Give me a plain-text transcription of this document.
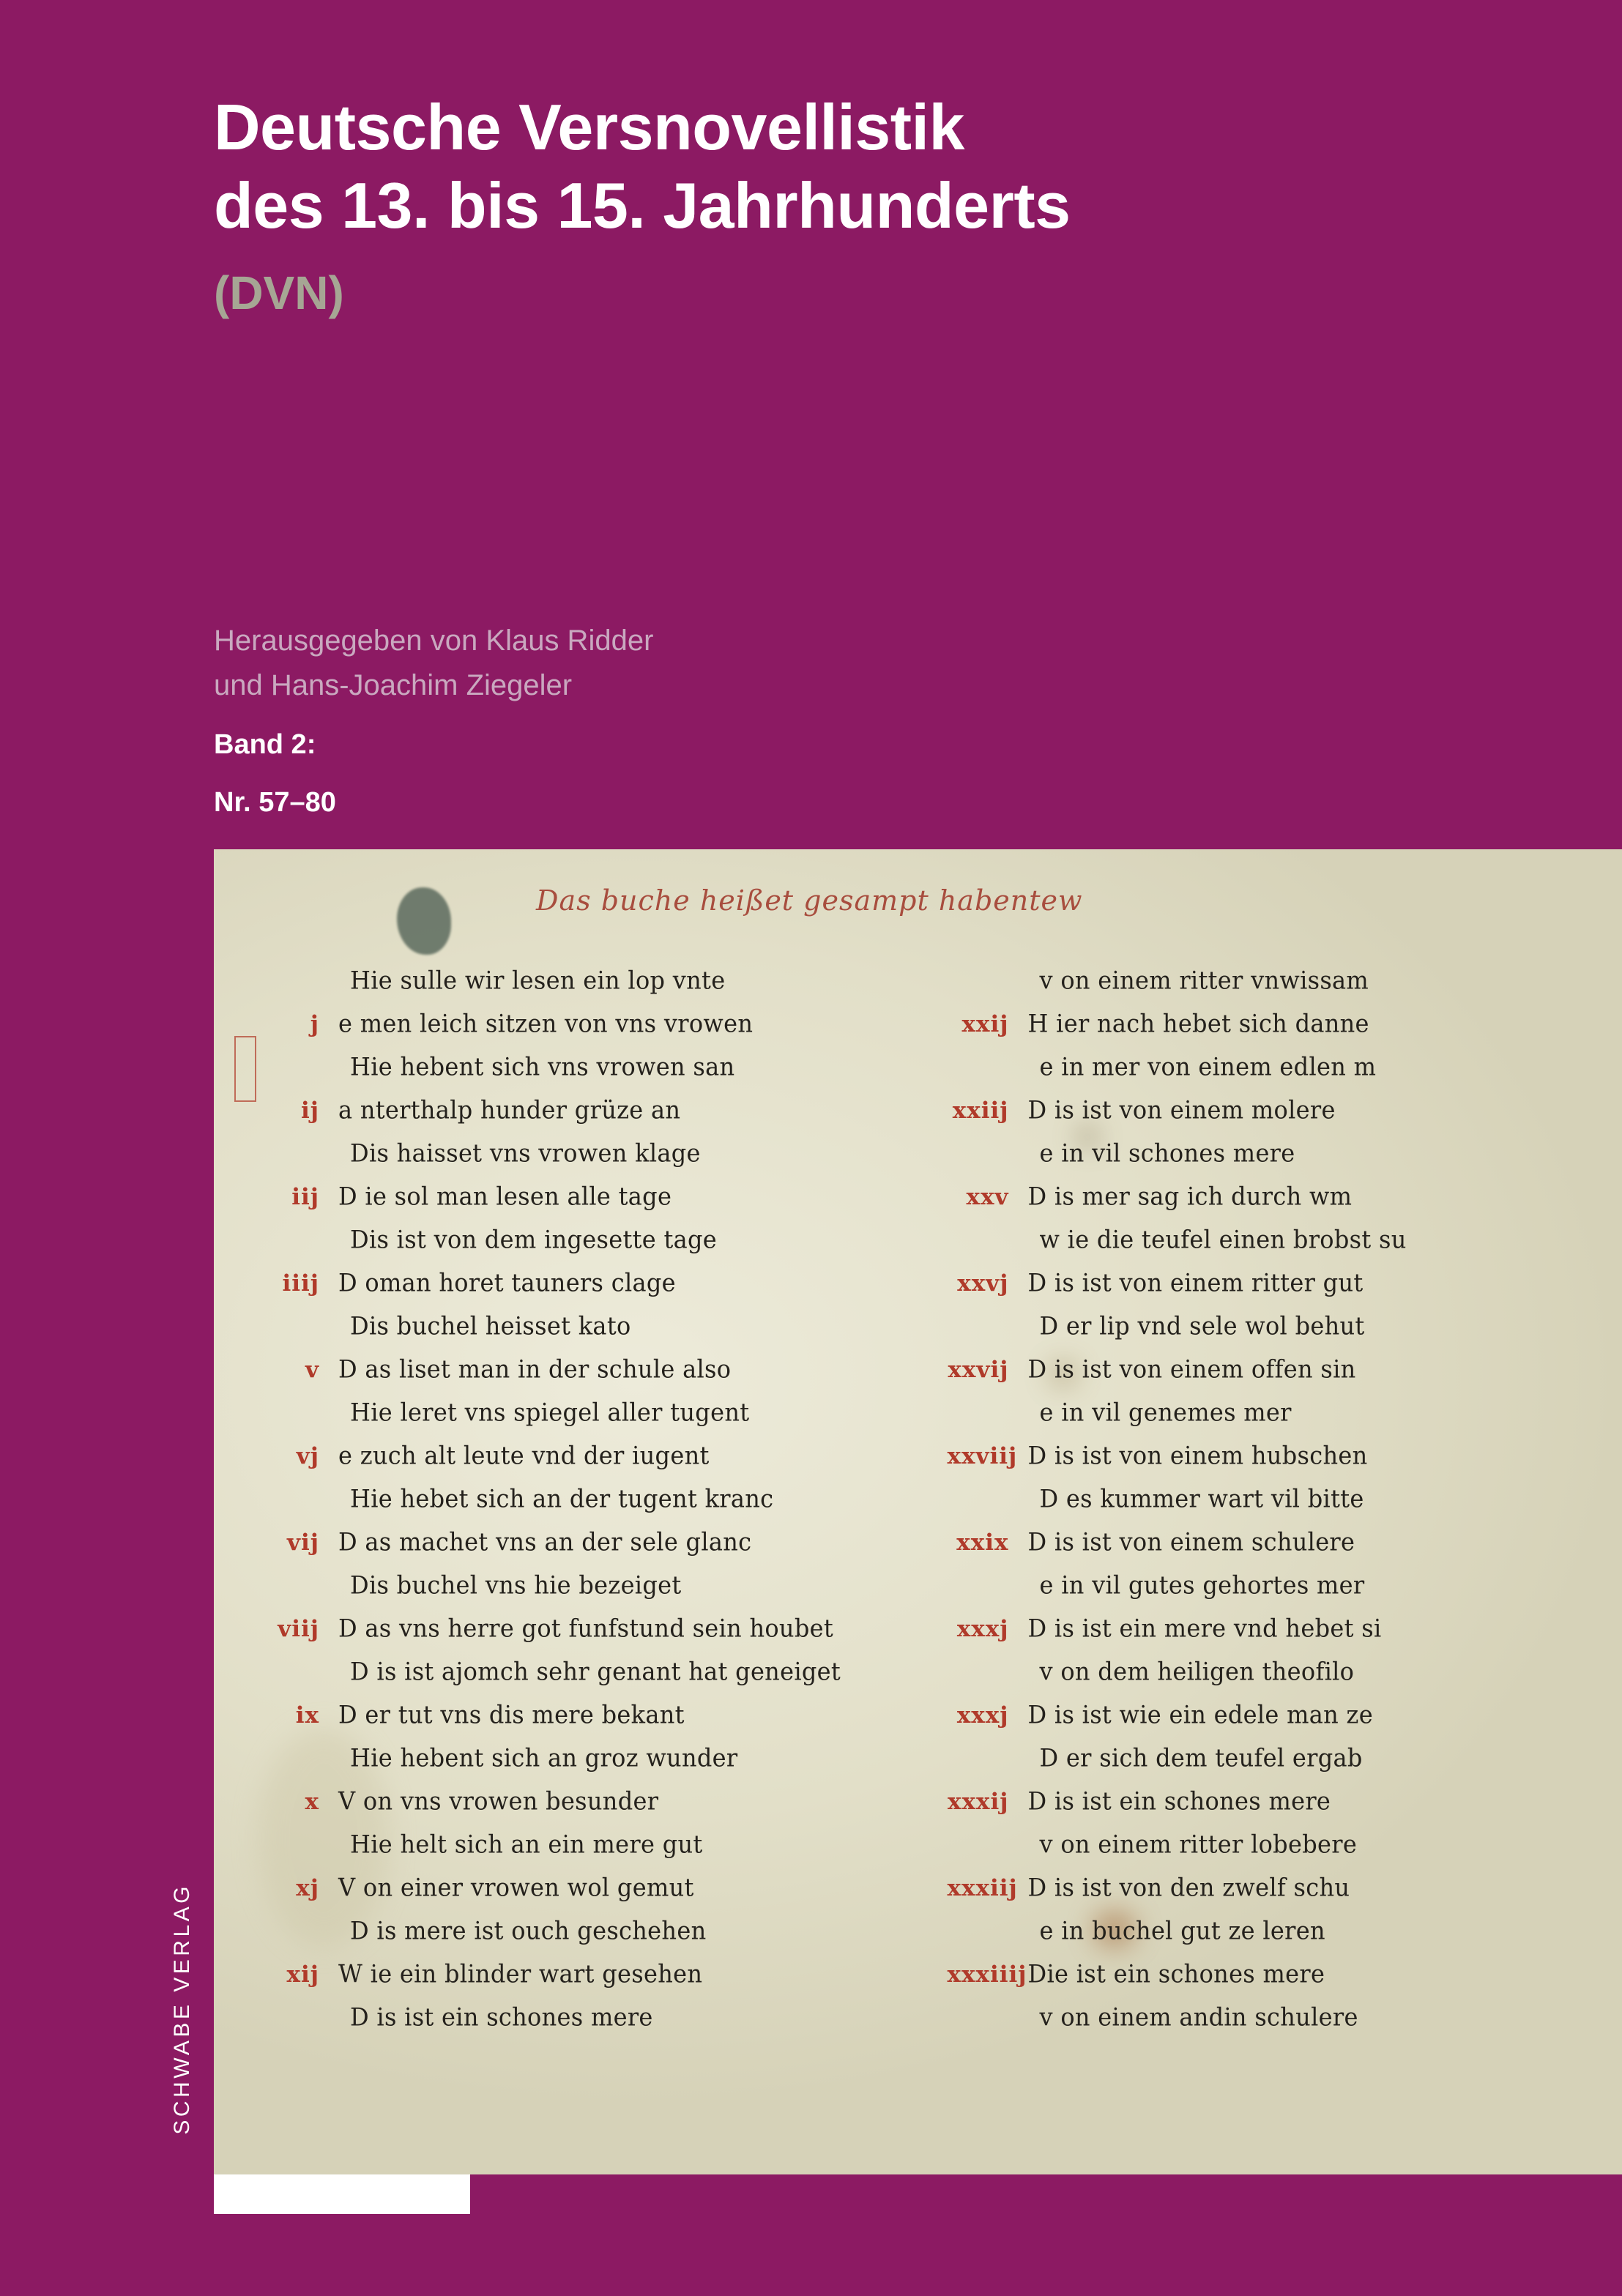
Deutsche Versnovellistik
des 13. bis 15. Jahrhunderts
(DVN)
Herausgegeben von Klaus Ridder
und Hans-Joachim Ziegeler
Band 2:
Nr. 57–80
SCHWABE VERLAG
Das buche heißet gesampt habentew
Hie sulle wir lesen ein lop vnte
j e men leich sitzen von vns vrowen
Hie hebent sich vns vrowen san
ij a nterthalp hunder grüze an
Dis haisset vns vrowen klage
iij D ie sol man lesen alle tage
Dis ist von dem ingesette tage
iiij D oman horet tauners clage
Dis buchel heisset kato
v D as liset man in der schule also
Hie leret vns spiegel aller tugent
vj e zuch alt leute vnd der iugent
Hie hebet sich an der tugent kranc
vij D as machet vns an der sele glanc
Dis buchel vns hie bezeiget
viij D as vns herre got funfstund sein houbet
D is ist ajomch sehr genant hat geneiget
ix D er tut vns dis mere bekant
Hie hebent sich an groz wunder
x V on vns vrowen besunder
Hie helt sich an ein mere gut
xj V on einer vrowen wol gemut
D is mere ist ouch geschehen
xij W ie ein blinder wart gesehen
D is ist ein schones mere
v on einem ritter vnwissam
xxij H ier nach hebet sich danne
e in mer von einem edlen m
xxiij D is ist von einem molere
e in vil schones mere
xxv D is mer sag ich durch wm
w ie die teufel einen brobst su
xxvj D is ist von einem ritter gut
D er lip vnd sele wol behut
xxvij D is ist von einem offen sin
e in vil genemes mer
xxviij D is ist von einem hubschen
D es kummer wart vil bitte
xxix D is ist von einem schulere
e in vil gutes gehortes mer
xxxj D is ist ein mere vnd hebet si
v on dem heiligen theofilo
xxxj D is ist wie ein edele man ze
D er sich dem teufel ergab
xxxij D is ist ein schones mere
v on einem ritter lobebere
xxxiij D is ist von den zwelf schu
e in buchel gut ze leren
xxxiiij Die ist ein schones mere
v on einem andin schulere
